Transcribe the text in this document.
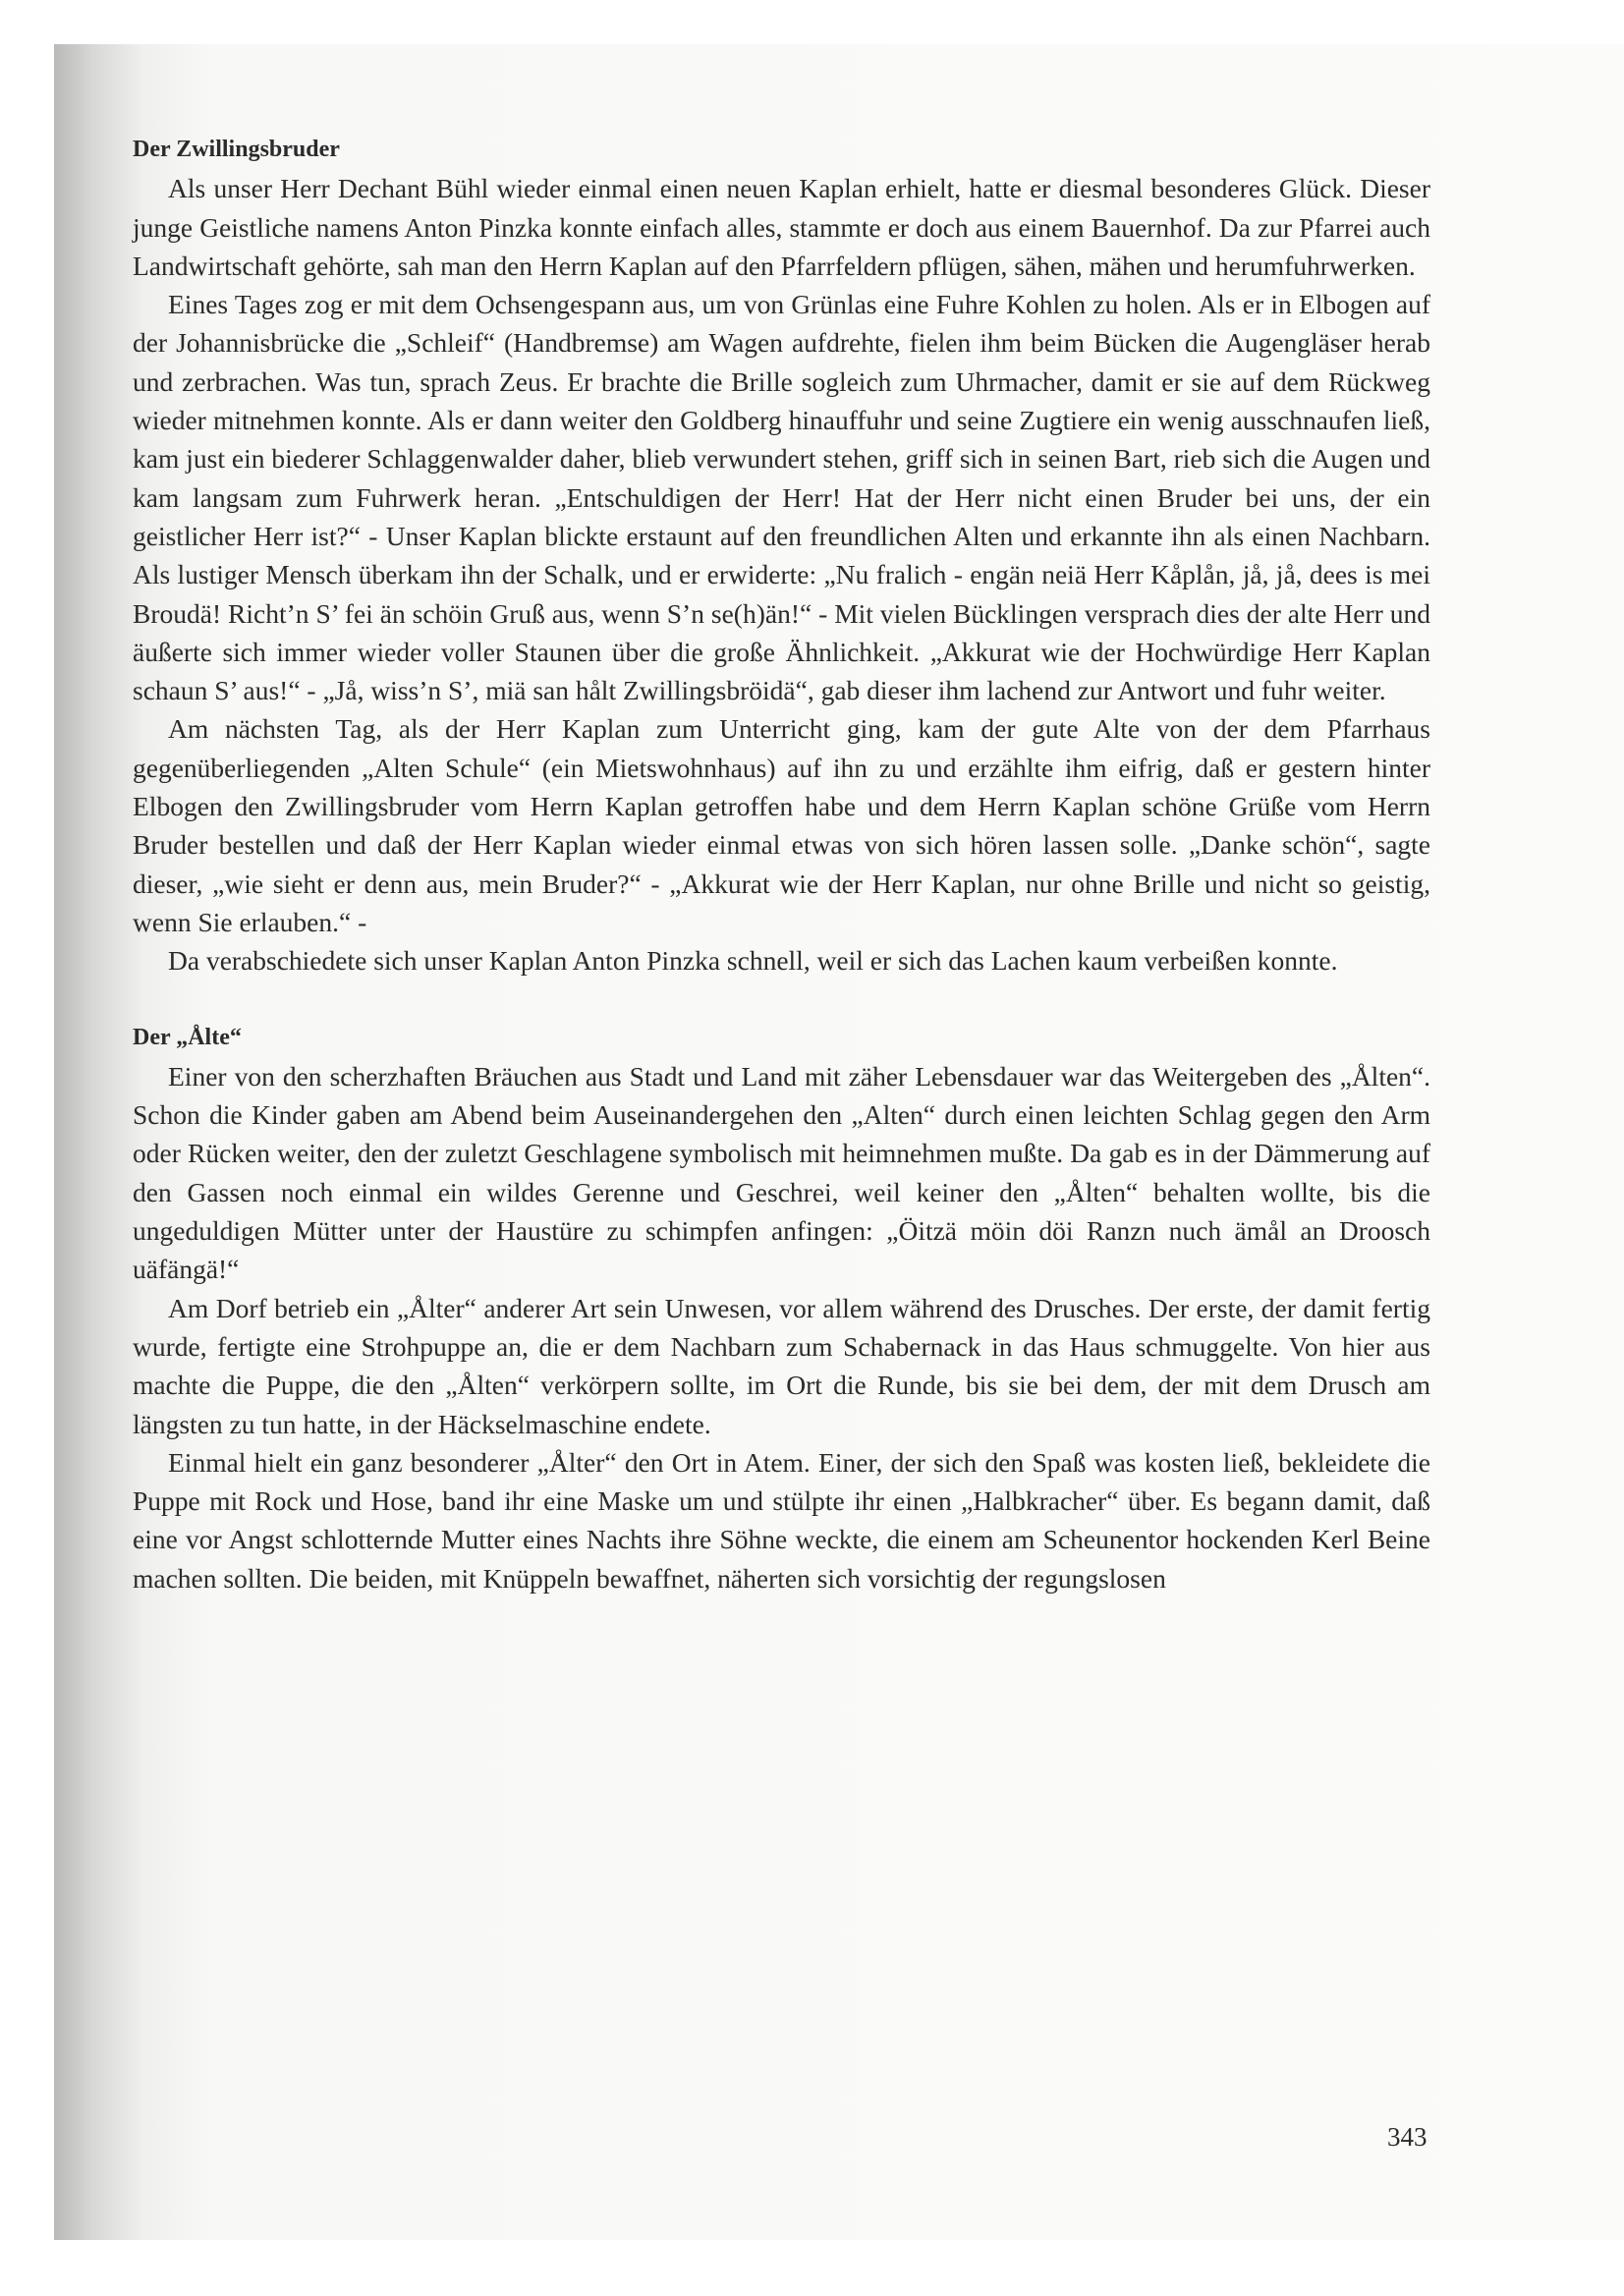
Der Zwillingsbruder

Als unser Herr Dechant Bühl wieder einmal einen neuen Kaplan erhielt, hatte er diesmal besonderes Glück. Dieser junge Geistliche namens Anton Pinzka konnte einfach alles, stammte er doch aus einem Bauernhof. Da zur Pfarrei auch Landwirtschaft gehörte, sah man den Herrn Kaplan auf den Pfarrfeldern pflügen, sähen, mähen und herumfuhrwerken.

Eines Tages zog er mit dem Ochsengespann aus, um von Grünlas eine Fuhre Kohlen zu holen. Als er in Elbogen auf der Johannisbrücke die „Schleif“ (Handbremse) am Wagen aufdrehte, fielen ihm beim Bücken die Augengläser herab und zerbrachen. Was tun, sprach Zeus. Er brachte die Brille sogleich zum Uhrmacher, damit er sie auf dem Rückweg wieder mitnehmen konnte. Als er dann weiter den Goldberg hinauffuhr und seine Zugtiere ein wenig ausschnaufen ließ, kam just ein biederer Schlaggenwalder daher, blieb verwundert stehen, griff sich in seinen Bart, rieb sich die Augen und kam langsam zum Fuhrwerk heran. „Entschuldigen der Herr! Hat der Herr nicht einen Bruder bei uns, der ein geistlicher Herr ist?“ - Unser Kaplan blickte erstaunt auf den freundlichen Alten und erkannte ihn als einen Nachbarn. Als lustiger Mensch überkam ihn der Schalk, und er erwiderte: „Nu fralich - engän neiä Herr Kåplån, jå, jå, dees is mei Broudä! Richt’n S’ fei än schöin Gruß aus, wenn S’n se(h)än!“ - Mit vielen Bücklingen versprach dies der alte Herr und äußerte sich immer wieder voller Staunen über die große Ähnlichkeit. „Akkurat wie der Hochwürdige Herr Kaplan schaun S’ aus!“ - „Jå, wiss’n S’, miä san hålt Zwillingsbröidä“, gab dieser ihm lachend zur Antwort und fuhr weiter.

Am nächsten Tag, als der Herr Kaplan zum Unterricht ging, kam der gute Alte von der dem Pfarrhaus gegenüberliegenden „Alten Schule“ (ein Mietswohnhaus) auf ihn zu und erzählte ihm eifrig, daß er gestern hinter Elbogen den Zwillingsbruder vom Herrn Kaplan getroffen habe und dem Herrn Kaplan schöne Grüße vom Herrn Bruder bestellen und daß der Herr Kaplan wieder einmal etwas von sich hören lassen solle. „Danke schön“, sagte dieser, „wie sieht er denn aus, mein Bruder?“ - „Akkurat wie der Herr Kaplan, nur ohne Brille und nicht so geistig, wenn Sie erlauben.“ -

Da verabschiedete sich unser Kaplan Anton Pinzka schnell, weil er sich das Lachen kaum verbeißen konnte.

Der „Ålte“

Einer von den scherzhaften Bräuchen aus Stadt und Land mit zäher Lebensdauer war das Weitergeben des „Ålten“. Schon die Kinder gaben am Abend beim Auseinandergehen den „Alten“ durch einen leichten Schlag gegen den Arm oder Rücken weiter, den der zuletzt Geschlagene symbolisch mit heimnehmen mußte. Da gab es in der Dämmerung auf den Gassen noch einmal ein wildes Gerenne und Geschrei, weil keiner den „Ålten“ behalten wollte, bis die ungeduldigen Mütter unter der Haustüre zu schimpfen anfingen: „Öitzä möin döi Ranzn nuch ämål an Droosch uäfängä!“

Am Dorf betrieb ein „Ålter“ anderer Art sein Unwesen, vor allem während des Drusches. Der erste, der damit fertig wurde, fertigte eine Strohpuppe an, die er dem Nachbarn zum Schabernack in das Haus schmuggelte. Von hier aus machte die Puppe, die den „Ålten“ verkörpern sollte, im Ort die Runde, bis sie bei dem, der mit dem Drusch am längsten zu tun hatte, in der Häckselmaschine endete.

Einmal hielt ein ganz besonderer „Ålter“ den Ort in Atem. Einer, der sich den Spaß was kosten ließ, bekleidete die Puppe mit Rock und Hose, band ihr eine Maske um und stülpte ihr einen „Halbkracher“ über. Es begann damit, daß eine vor Angst schlotternde Mutter eines Nachts ihre Söhne weckte, die einem am Scheunentor hockenden Kerl Beine machen sollten. Die beiden, mit Knüppeln bewaffnet, näherten sich vorsichtig der regungslosen

343
